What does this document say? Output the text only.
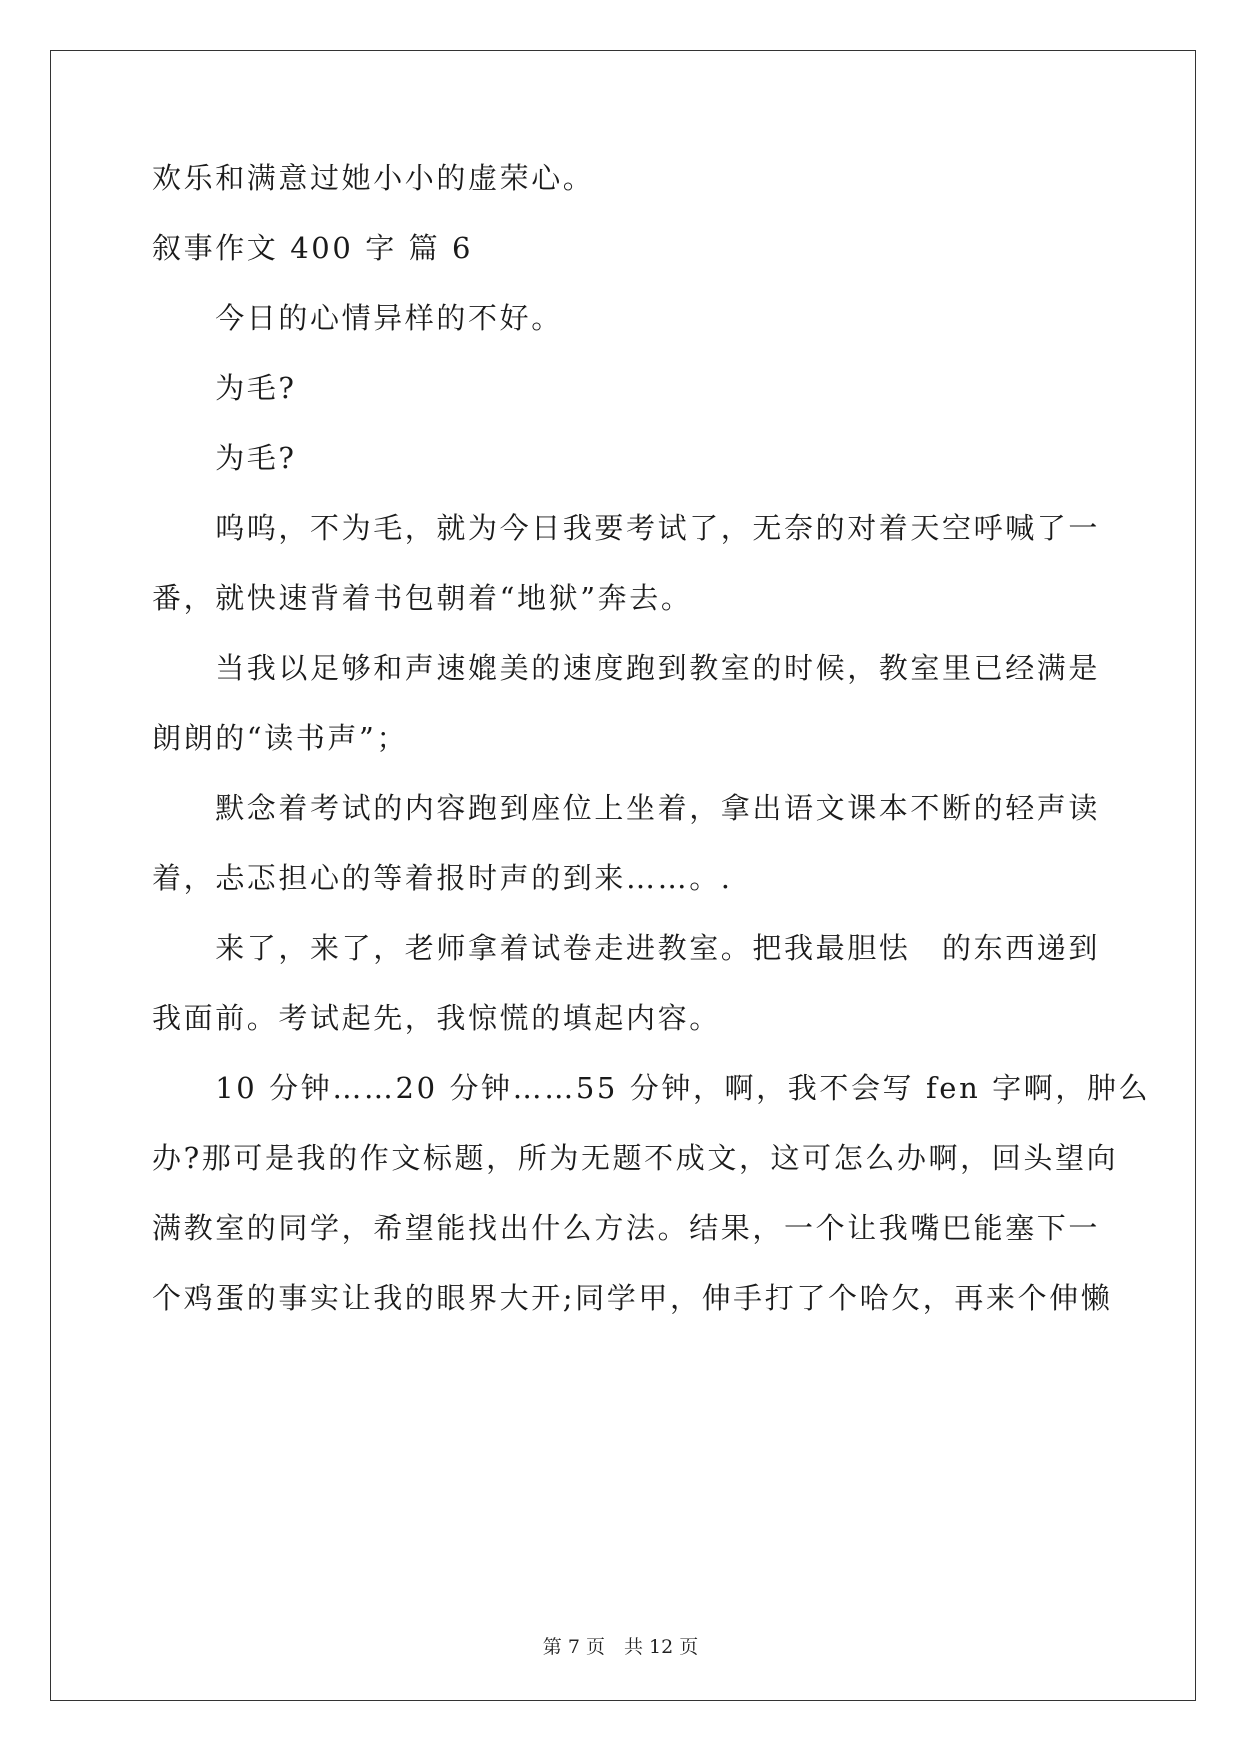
欢乐和满意过她小小的虚荣心。
叙事作文 400 字 篇 6
　　今日的心情异样的不好。
　　为毛?
　　为毛?
　　呜呜，不为毛，就为今日我要考试了，无奈的对着天空呼喊了一
番，就快速背着书包朝着“地狱”奔去。
　　当我以足够和声速媲美的速度跑到教室的时候，教室里已经满是
朗朗的“读书声”；
　　默念着考试的内容跑到座位上坐着，拿出语文课本不断的轻声读
着，忐忑担心的等着报时声的到来……。.
　　来了，来了，老师拿着试卷走进教室。把我最胆怯　的东西递到
我面前。考试起先，我惊慌的填起内容。
　　10 分钟……20 分钟……55 分钟，啊，我不会写 fen 字啊，肿么
办?那可是我的作文标题，所为无题不成文，这可怎么办啊，回头望向
满教室的同学，希望能找出什么方法。结果，一个让我嘴巴能塞下一
个鸡蛋的事实让我的眼界大开;同学甲，伸手打了个哈欠，再来个伸懒
第 7 页　共 12 页
